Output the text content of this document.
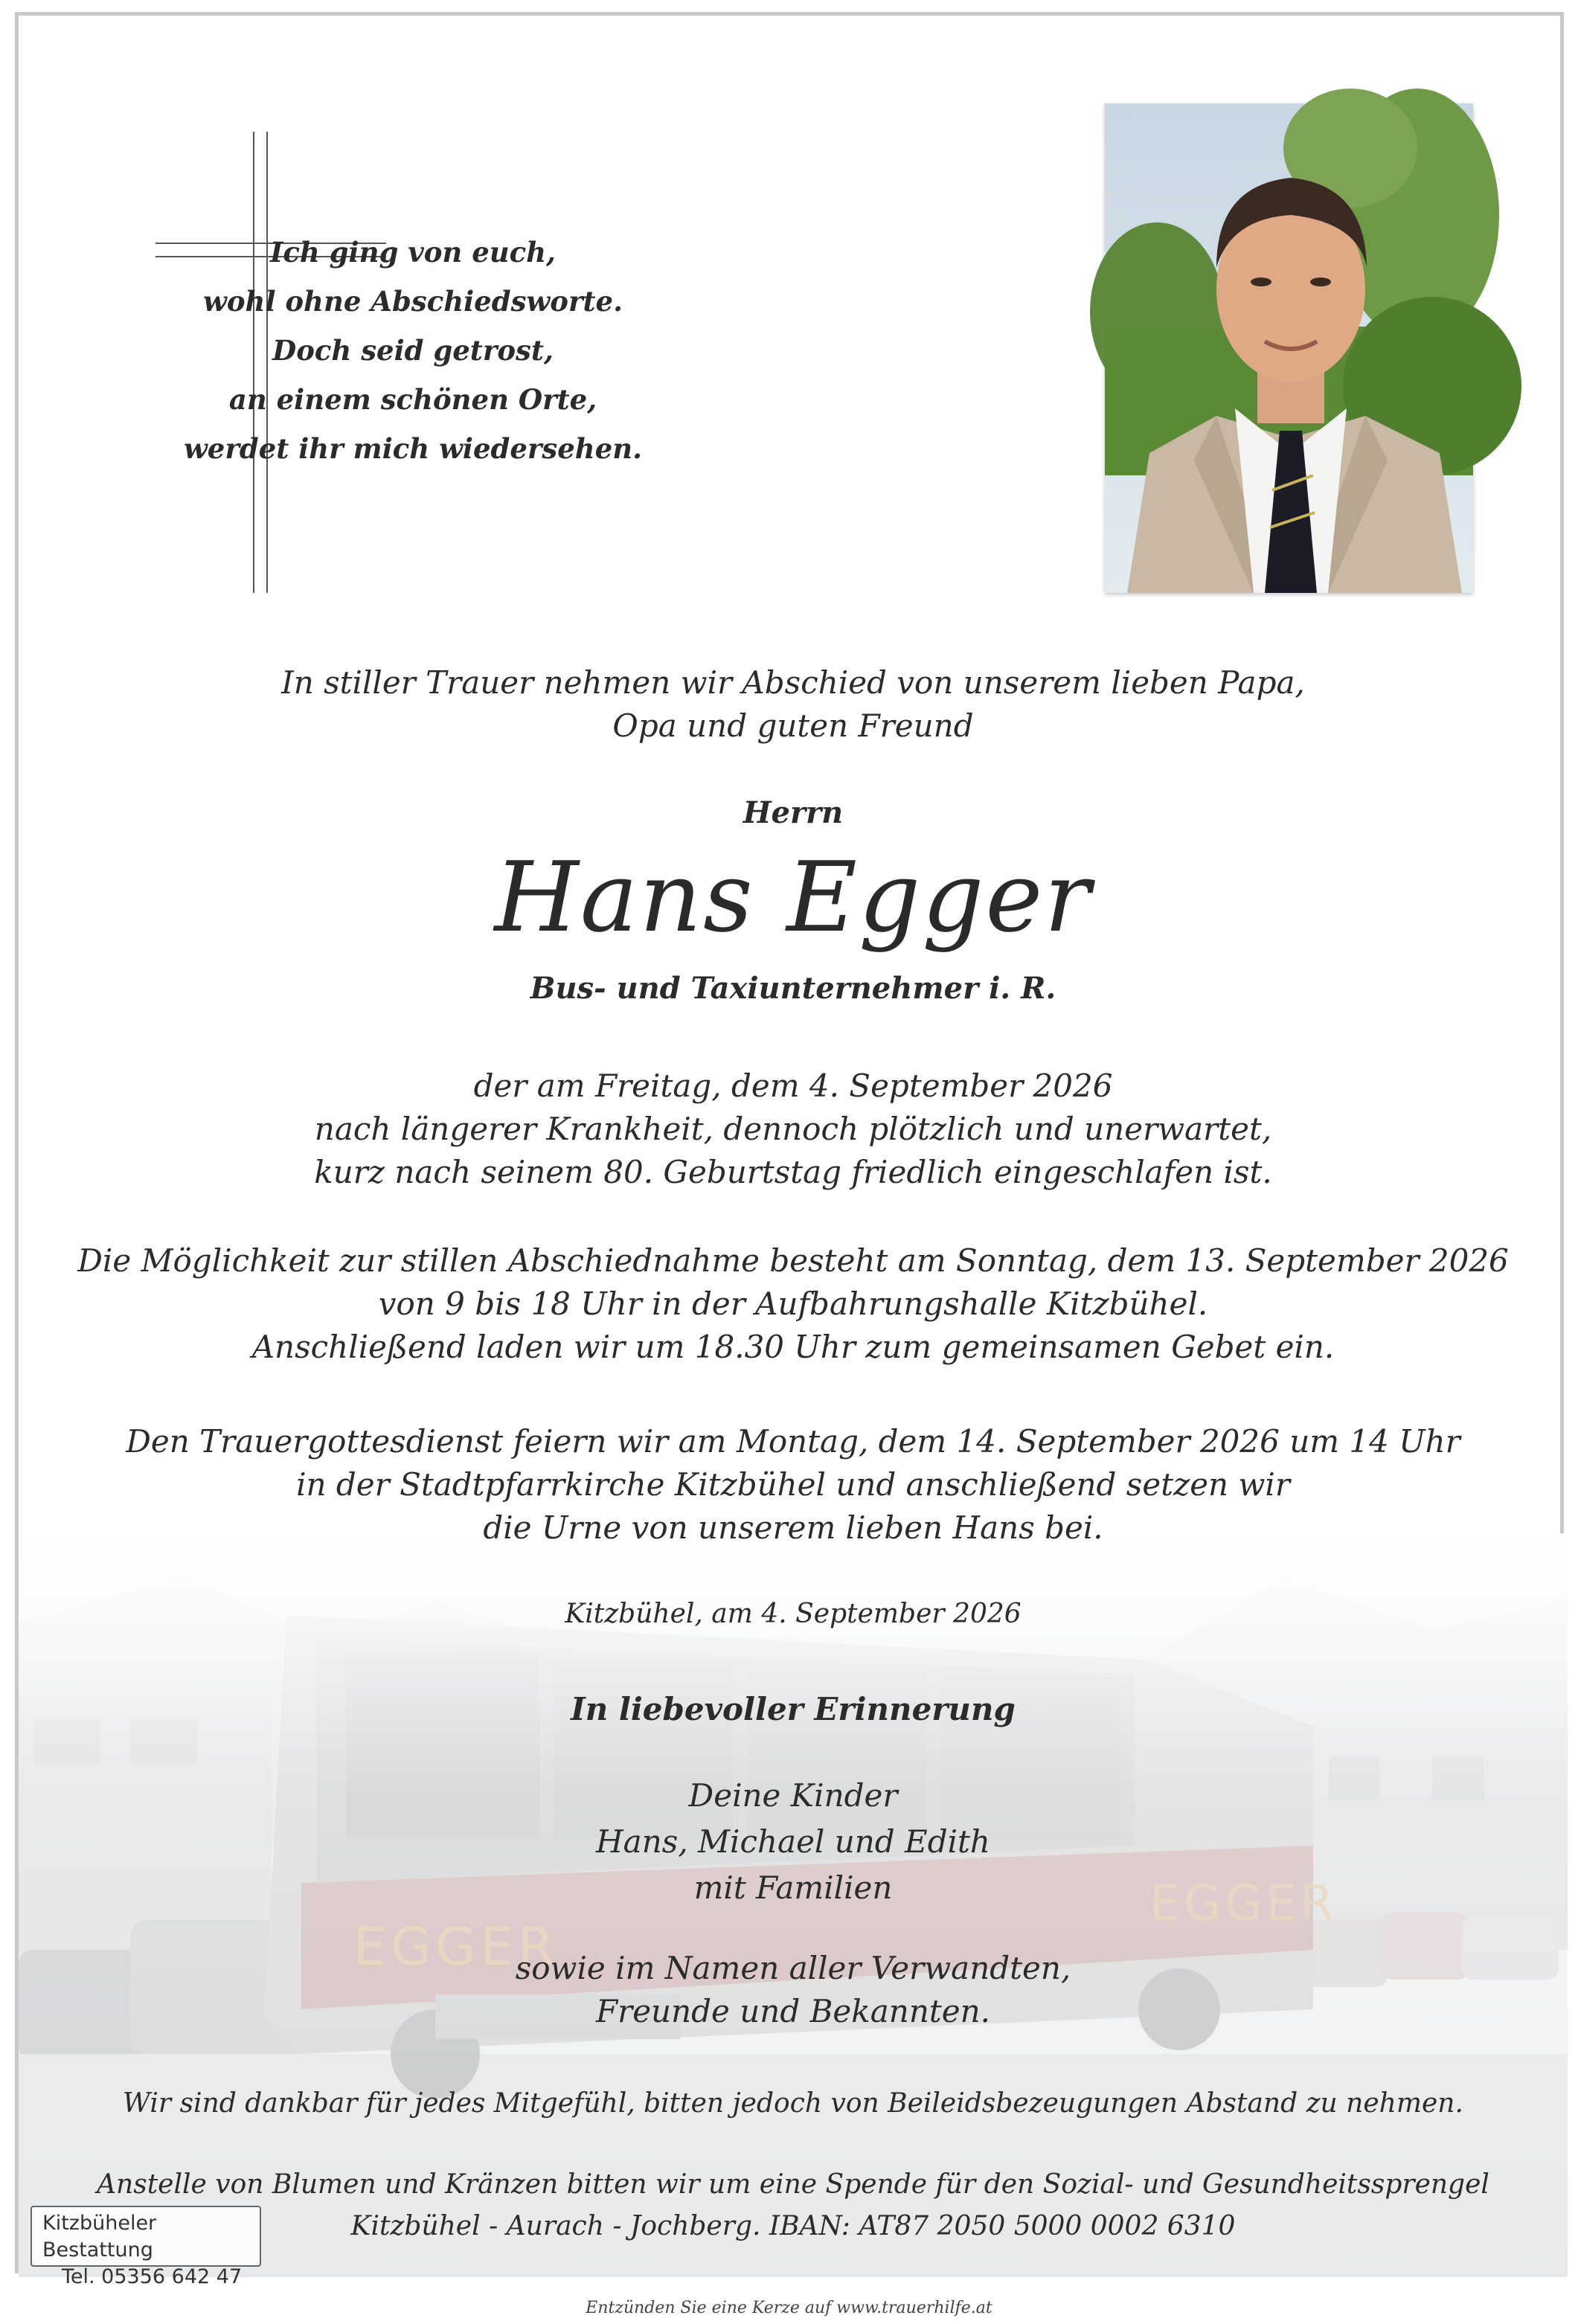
Ich ging von euch,
wohl ohne Abschiedsworte.
Doch seid getrost,
an einem schönen Orte,
werdet ihr mich wiedersehen.
In stiller Trauer nehmen wir Abschied von unserem lieben Papa,
Opa und guten Freund
Herrn
Hans Egger
Bus- und Taxiunternehmer i. R.
der am Freitag, dem 4. September 2026
nach längerer Krankheit, dennoch plötzlich und unerwartet,
kurz nach seinem 80. Geburtstag friedlich eingeschlafen ist.
Die Möglichkeit zur stillen Abschiednahme besteht am Sonntag, dem 13. September 2026
von 9 bis 18 Uhr in der Aufbahrungshalle Kitzbühel.
Anschließend laden wir um 18.30 Uhr zum gemeinsamen Gebet ein.
Den Trauergottesdienst feiern wir am Montag, dem 14. September 2026 um 14 Uhr
in der Stadtpfarrkirche Kitzbühel und anschließend setzen wir
die Urne von unserem lieben Hans bei.
Kitzbühel, am 4. September 2026
In liebevoller Erinnerung
Deine Kinder
Hans, Michael und Edith
mit Familien
sowie im Namen aller Verwandten,
Freunde und Bekannten.
Wir sind dankbar für jedes Mitgefühl, bitten jedoch von Beileidsbezeugungen Abstand zu nehmen.
Anstelle von Blumen und Kränzen bitten wir um eine Spende für den Sozial- und Gesundheitssprengel
Kitzbühel - Aurach - Jochberg. IBAN: AT87 2050 5000 0002 6310
Kitzbüheler Bestattung
Tel. 05356 642 47
Entzünden Sie eine Kerze auf www.trauerhilfe.at
